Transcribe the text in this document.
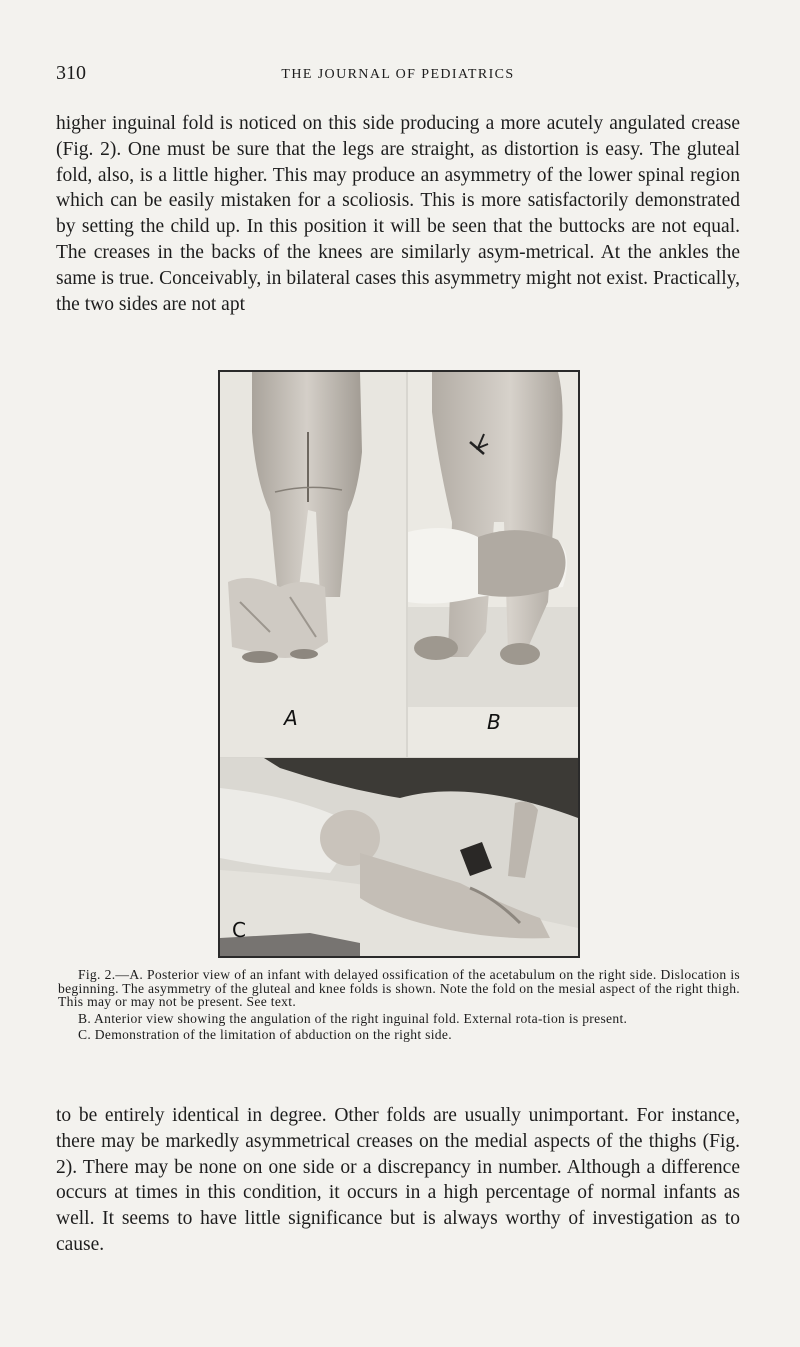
310	THE JOURNAL OF PEDIATRICS

higher inguinal fold is noticed on this side producing a more acutely angulated crease (Fig. 2). One must be sure that the legs are straight, as distortion is easy. The gluteal fold, also, is a little higher. This may produce an asymmetry of the lower spinal region which can be easily mistaken for a scoliosis. This is more satisfactorily demonstrated by setting the child up. In this position it will be seen that the buttocks are not equal. The creases in the backs of the knees are similarly asym-metrical. At the ankles the same is true. Conceivably, in bilateral cases this asymmetry might not exist. Practically, the two sides are not apt

A	B
C

Fig. 2.—A. Posterior view of an infant with delayed ossification of the acetabulum on the right side. Dislocation is beginning. The asymmetry of the gluteal and knee folds is shown. Note the fold on the mesial aspect of the right thigh. This may or may not be present. See text.

B. Anterior view showing the angulation of the right inguinal fold. External rota-tion is present.

C. Demonstration of the limitation of abduction on the right side.

to be entirely identical in degree. Other folds are usually unimportant. For instance, there may be markedly asymmetrical creases on the medial aspects of the thighs (Fig. 2). There may be none on one side or a discrepancy in number. Although a difference occurs at times in this condition, it occurs in a high percentage of normal infants as well. It seems to have little significance but is always worthy of investigation as to cause.
